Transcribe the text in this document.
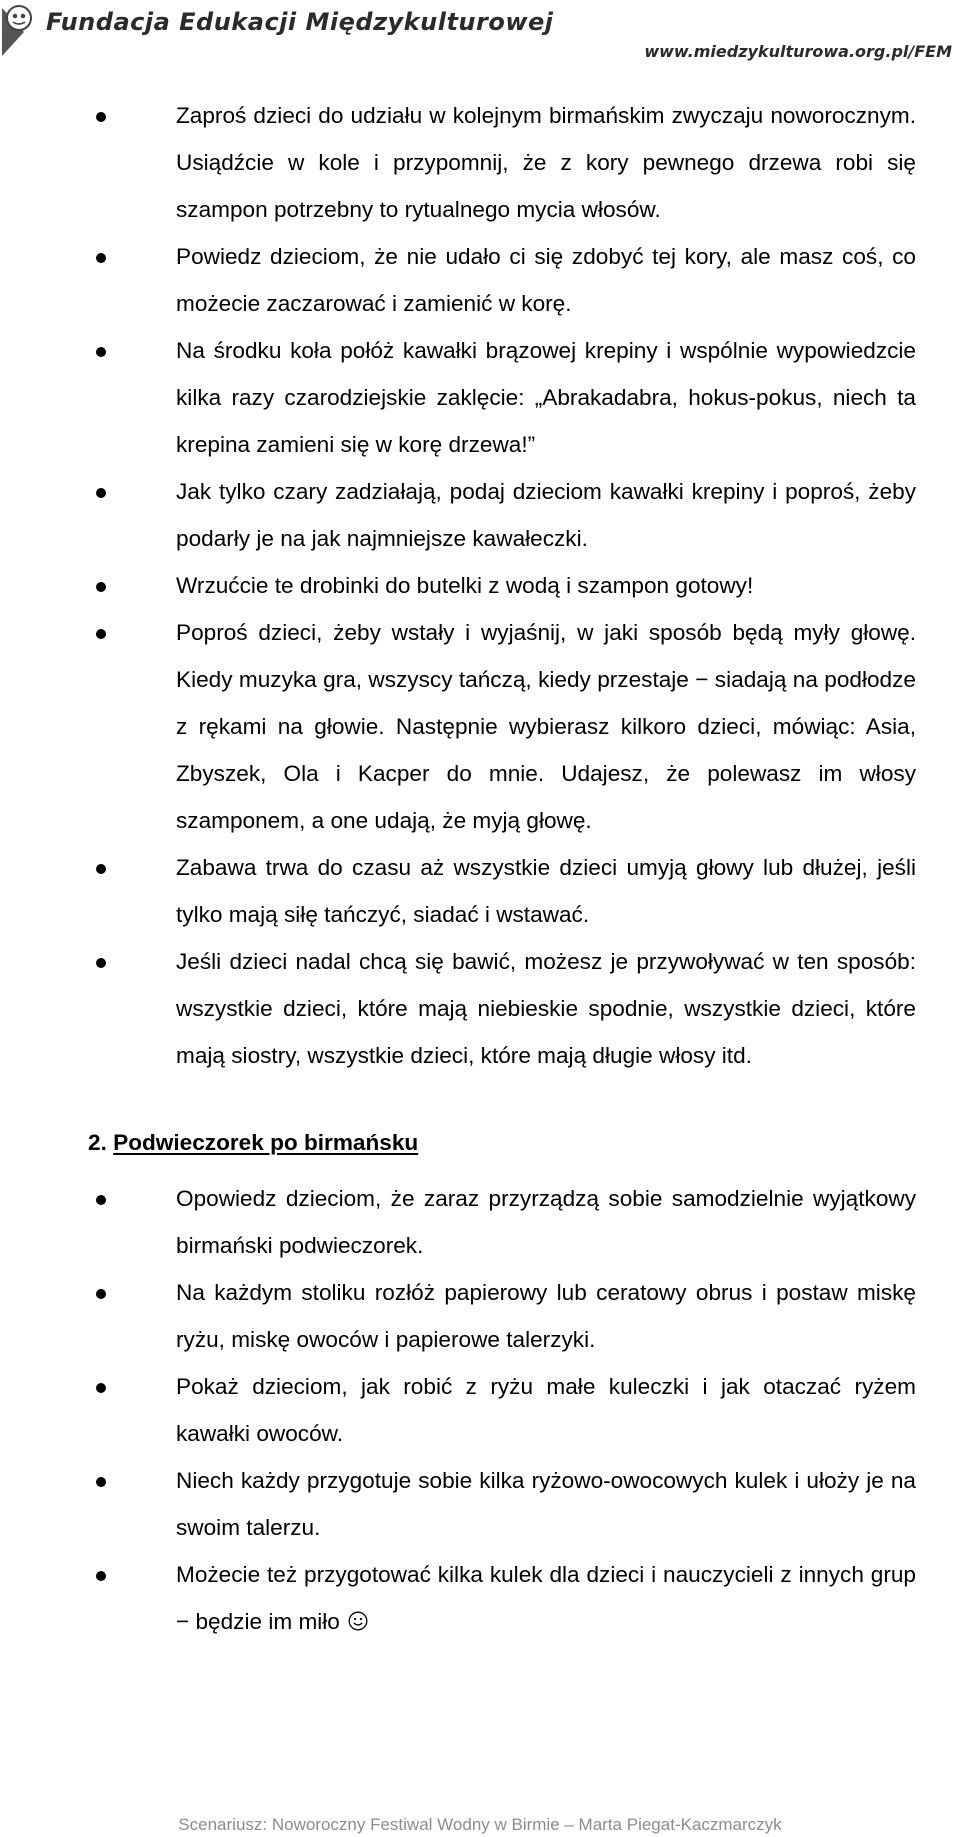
Fundacja Edukacji Międzykulturowej
www.miedzykulturowa.org.pl/FEM
Zaproś dzieci do udziału w kolejnym birmańskim zwyczaju noworocznym. Usiądźcie w kole i przypomnij, że z kory pewnego drzewa robi się szampon potrzebny to rytualnego mycia włosów.
Powiedz dzieciom, że nie udało ci się zdobyć tej kory, ale masz coś, co możecie zaczarować i zamienić w korę.
Na środku koła połóż kawałki brązowej krepiny i wspólnie wypowiedzcie kilka razy czarodziejskie zaklęcie: „Abrakadabra, hokus-pokus, niech ta krepina zamieni się w korę drzewa!”
Jak tylko czary zadziałają, podaj dzieciom kawałki krepiny i poproś, żeby podarły je na jak najmniejsze kawałeczki.
Wrzućcie te drobinki do butelki z wodą i szampon gotowy!
Poproś dzieci, żeby wstały i wyjaśnij, w jaki sposób będą myły głowę. Kiedy muzyka gra, wszyscy tańczą, kiedy przestaje − siadają na podłodze z rękami na głowie. Następnie wybierasz kilkoro dzieci, mówiąc: Asia, Zbyszek, Ola i Kacper do mnie. Udajesz, że polewasz im włosy szamponem, a one udają, że myją głowę.
Zabawa trwa do czasu aż wszystkie dzieci umyją głowy lub dłużej, jeśli tylko mają siłę tańczyć, siadać i wstawać.
Jeśli dzieci nadal chcą się bawić, możesz je przywoływać w ten sposób: wszystkie dzieci, które mają niebieskie spodnie, wszystkie dzieci, które mają siostry, wszystkie dzieci, które mają długie włosy itd.
2. Podwieczorek po birmańsku
Opowiedz dzieciom, że zaraz przyrządzą sobie samodzielnie wyjątkowy birmański podwieczorek.
Na każdym stoliku rozłóż papierowy lub ceratowy obrus i postaw miskę ryżu, miskę owoców i papierowe talerzyki.
Pokaż dzieciom, jak robić z ryżu małe kuleczki i jak otaczać ryżem kawałki owoców.
Niech każdy przygotuje sobie kilka ryżowo-owocowych kulek i ułoży je na swoim talerzu.
Możecie też przygotować kilka kulek dla dzieci i nauczycieli z innych grup − będzie im miło
Scenariusz: Noworoczny Festiwal Wodny w Birmie – Marta Piegat-Kaczmarczyk
